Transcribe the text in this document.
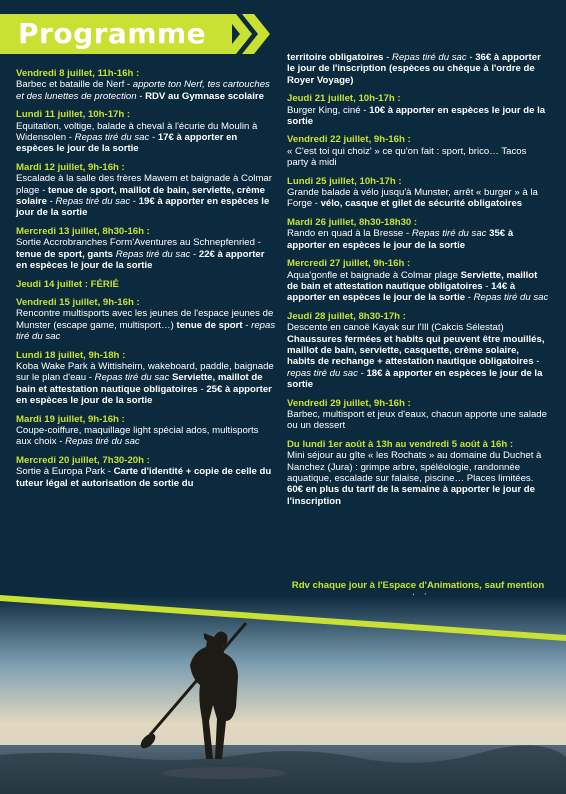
Programme
Vendredi 8 juillet, 11h-16h :
Barbec et bataille de Nerf - apporte ton Nerf, tes cartouches et des lunettes de protection - RDV au Gymnase scolaire
Lundi 11 juillet, 10h-17h :
Equitation, voltige, balade à cheval à l'écurie du Moulin à Widensolen - Repas tiré du sac - 17€ à apporter en espèces le jour de la sortie
Mardi 12 juillet, 9h-16h :
Escalade à la salle des frères Mawem et baignade à Colmar plage - tenue de sport, maillot de bain, serviette, crème solaire - Repas tiré du sac - 19€ à apporter en espèces le jour de la sortie
Mercredi 13 juillet, 8h30-16h :
Sortie Accrobranches Form'Aventures au Schnepfenried - tenue de sport, gants Repas tiré du sac - 22€ à apporter en espèces le jour de la sortie
Jeudi 14 juillet : FÉRIÉ
Vendredi 15 juillet, 9h-16h :
Rencontre multisports avec les jeunes de l'espace jeunes de Munster (escape game, multisport…) tenue de sport - repas tiré du sac
Lundi 18 juillet, 9h-18h :
Koba Wake Park à Wittisheim, wakeboard, paddle, baignade sur le plan d'eau - Repas tiré du sac Serviette, maillot de bain et attestation nautique obligatoires - 25€ à apporter en espèces le jour de la sortie
Mardi 19 juillet, 9h-16h :
Coupe-coiffure, maquillage light spécial ados, multisports aux choix - Repas tiré du sac
Mercredi 20 juillet, 7h30-20h :
Sortie à Europa Park - Carte d'identité + copie de celle du tuteur légal et autorisation de sortie du
territoire obligatoires - Repas tiré du sac - 36€ à apporter le jour de l'inscription (espèces ou chèque à l'ordre de Royer Voyage)
Jeudi 21 juillet, 10h-17h :
Burger King, ciné - 10€ à apporter en espèces le jour de la sortie
Vendredi 22 juillet, 9h-16h :
« C'est toi qui choiz' » ce qu'on fait : sport, brico… Tacos party à midi
Lundi 25 juillet, 10h-17h :
Grande balade à vélo jusqu'à Munster, arrêt « burger » à la Forge - vélo, casque et gilet de sécurité obligatoires
Mardi 26 juillet, 8h30-18h30 :
Rando en quad à la Bresse - Repas tiré du sac 35€ à apporter en espèces le jour de la sortie
Mercredi 27 juillet, 9h-16h :
Aqua'gonfle et baignade à Colmar plage Serviette, maillot de bain et attestation nautique obligatoires - 14€ à apporter en espèces le jour de la sortie - Repas tiré du sac
Jeudi 28 juillet, 8h30-17h :
Descente en canoë Kayak sur l'Ill (Cakcis Sélestat) Chaussures fermées et habits qui peuvent être mouillés, maillot de bain, serviette, casquette, crème solaire, habits de rechange + attestation nautique obligatoires - repas tiré du sac - 18€ à apporter en espèces le jour de la sortie
Vendredi 29 juillet, 9h-16h :
Barbec, multisport et jeux d'eaux, chacun apporte une salade ou un dessert
Du lundi 1er août à 13h au vendredi 5 août à 16h :
Mini séjour au gîte « les Rochats » au domaine du Duchet à Nanchez (Jura) : grimpe arbre, spéléologie, randonnée aquatique, escalade sur falaise, piscine… Places limitées. 60€ en plus du tarif de la semaine à apporter le jour de l'inscription
Rdv chaque jour à l'Espace d'Animations, sauf mention
